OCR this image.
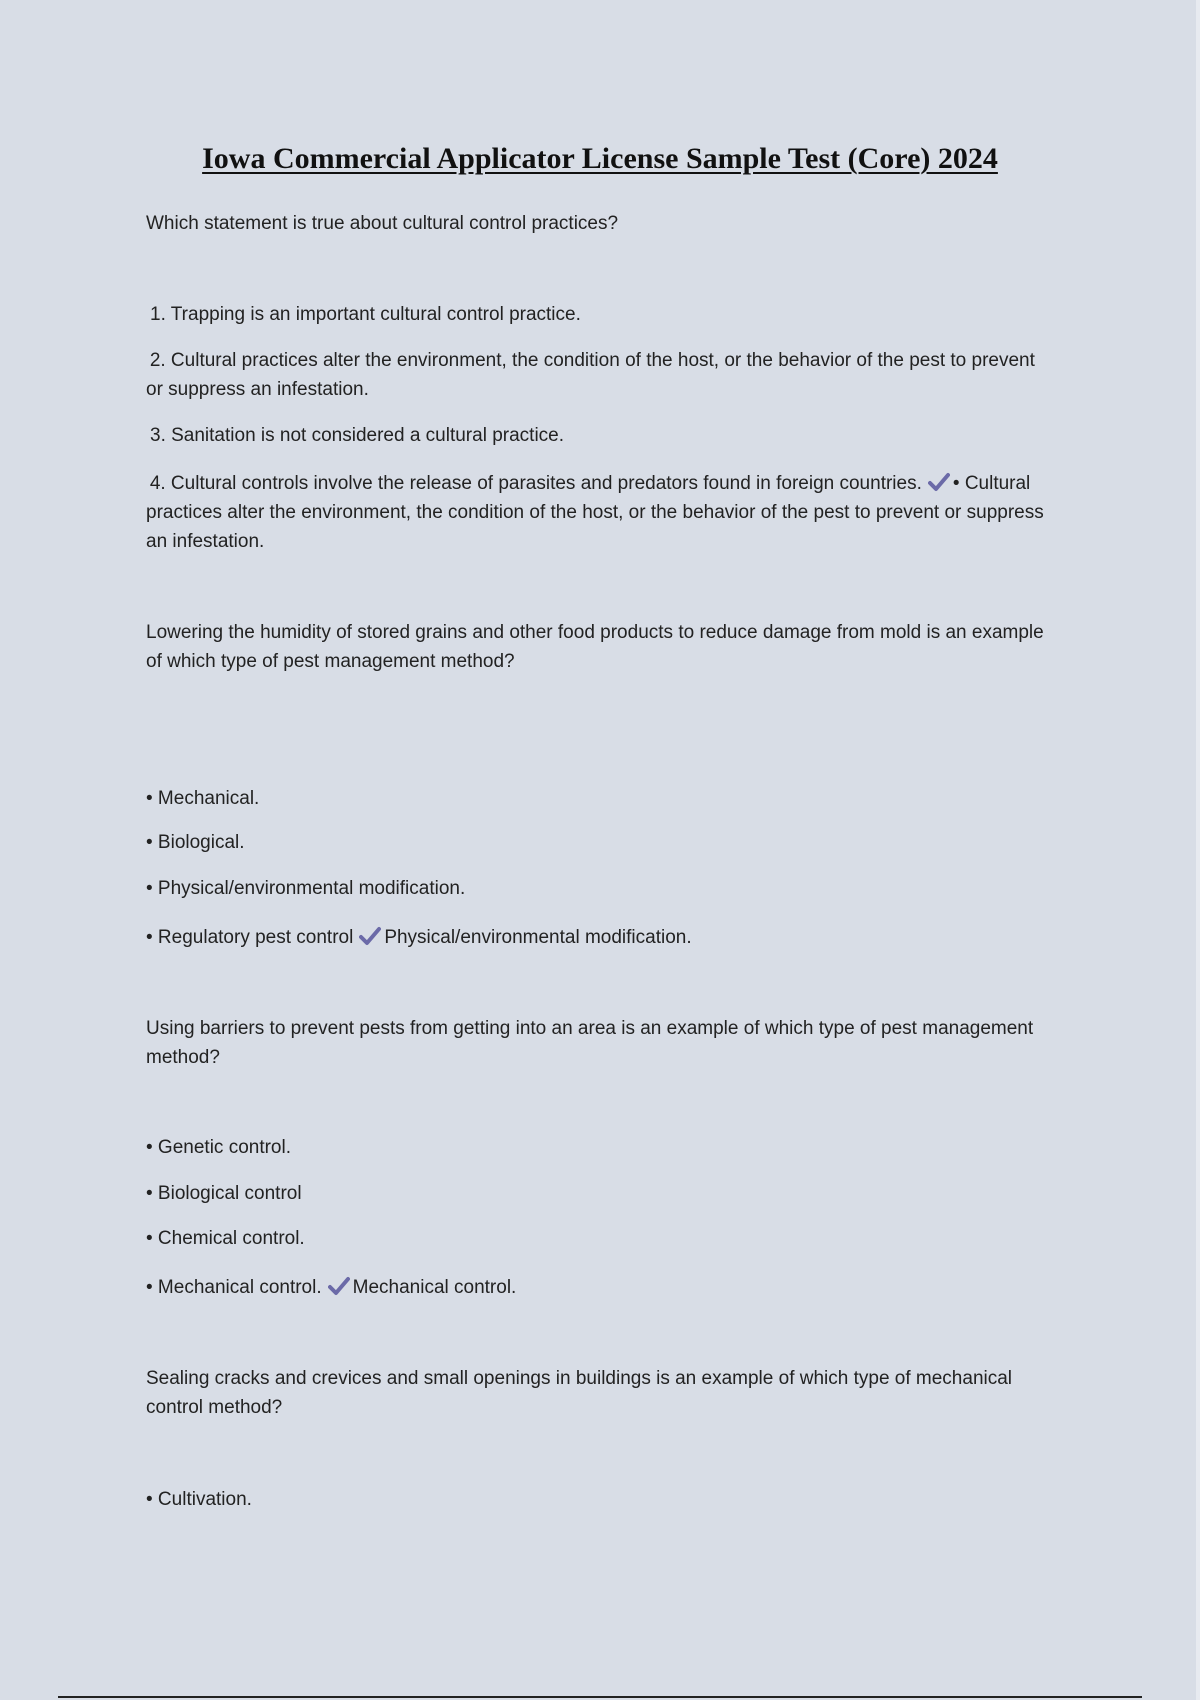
Iowa Commercial Applicator License Sample Test (Core) 2024
Which statement is true about cultural control practices?
1. Trapping is an important cultural control practice.
 2. Cultural practices alter the environment, the condition of the host, or the behavior of the pest to prevent or suppress an infestation.
3. Sanitation is not considered a cultural practice.
 4. Cultural controls involve the release of parasites and predators found in foreign countries. • Cultural practices alter the environment, the condition of the host, or the behavior of the pest to prevent or suppress an infestation.
Lowering the humidity of stored grains and other food products to reduce damage from mold is an example of which type of pest management method?
• Mechanical.
• Biological.
• Physical/environmental modification.
• Regulatory pest control Physical/environmental modification.
Using barriers to prevent pests from getting into an area is an example of which type of pest management method?
• Genetic control.
• Biological control
• Chemical control.
• Mechanical control. Mechanical control.
Sealing cracks and crevices and small openings in buildings is an example of which type of mechanical control method?
• Cultivation.
